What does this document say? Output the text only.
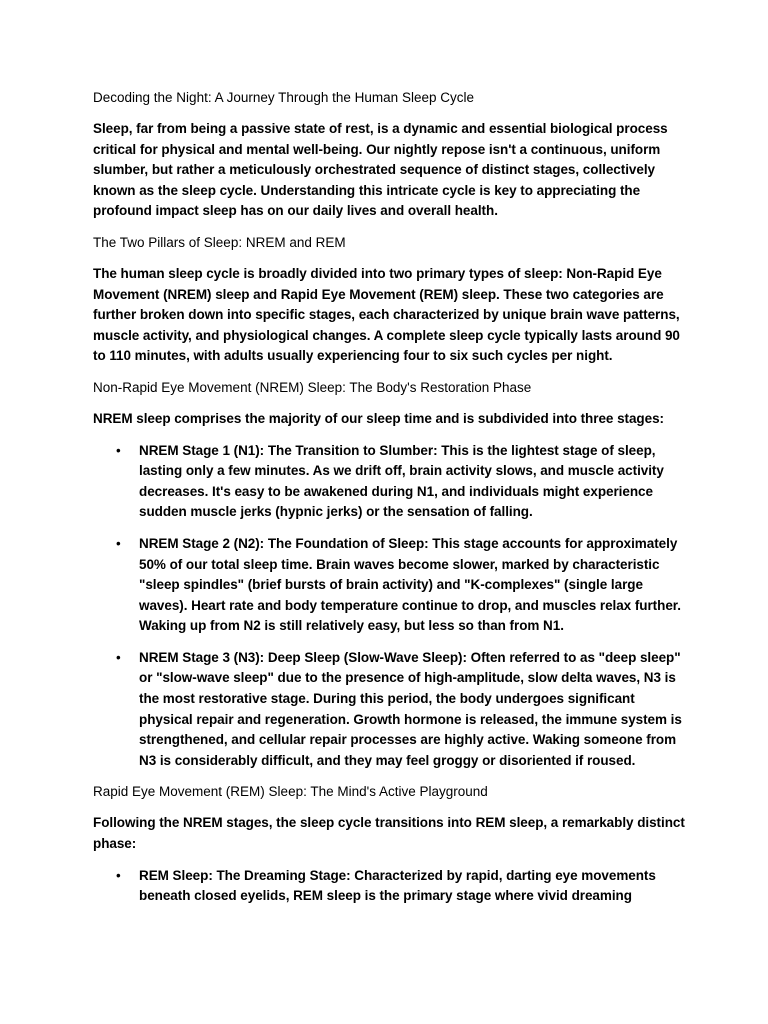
Decoding the Night: A Journey Through the Human Sleep Cycle

Sleep, far from being a passive state of rest, is a dynamic and essential biological process critical for physical and mental well-being. Our nightly repose isn't a continuous, uniform slumber, but rather a meticulously orchestrated sequence of distinct stages, collectively known as the sleep cycle. Understanding this intricate cycle is key to appreciating the profound impact sleep has on our daily lives and overall health.

The Two Pillars of Sleep: NREM and REM

The human sleep cycle is broadly divided into two primary types of sleep: Non-Rapid Eye Movement (NREM) sleep and Rapid Eye Movement (REM) sleep. These two categories are further broken down into specific stages, each characterized by unique brain wave patterns, muscle activity, and physiological changes. A complete sleep cycle typically lasts around 90 to 110 minutes, with adults usually experiencing four to six such cycles per night.

Non-Rapid Eye Movement (NREM) Sleep: The Body's Restoration Phase

NREM sleep comprises the majority of our sleep time and is subdivided into three stages:

• NREM Stage 1 (N1): The Transition to Slumber: This is the lightest stage of sleep, lasting only a few minutes. As we drift off, brain activity slows, and muscle activity decreases. It's easy to be awakened during N1, and individuals might experience sudden muscle jerks (hypnic jerks) or the sensation of falling.
• NREM Stage 2 (N2): The Foundation of Sleep: This stage accounts for approximately 50% of our total sleep time. Brain waves become slower, marked by characteristic "sleep spindles" (brief bursts of brain activity) and "K-complexes" (single large waves). Heart rate and body temperature continue to drop, and muscles relax further. Waking up from N2 is still relatively easy, but less so than from N1.
• NREM Stage 3 (N3): Deep Sleep (Slow-Wave Sleep): Often referred to as "deep sleep" or "slow-wave sleep" due to the presence of high-amplitude, slow delta waves, N3 is the most restorative stage. During this period, the body undergoes significant physical repair and regeneration. Growth hormone is released, the immune system is strengthened, and cellular repair processes are highly active. Waking someone from N3 is considerably difficult, and they may feel groggy or disoriented if roused.

Rapid Eye Movement (REM) Sleep: The Mind's Active Playground

Following the NREM stages, the sleep cycle transitions into REM sleep, a remarkably distinct phase:

• REM Sleep: The Dreaming Stage: Characterized by rapid, darting eye movements beneath closed eyelids, REM sleep is the primary stage where vivid dreaming
